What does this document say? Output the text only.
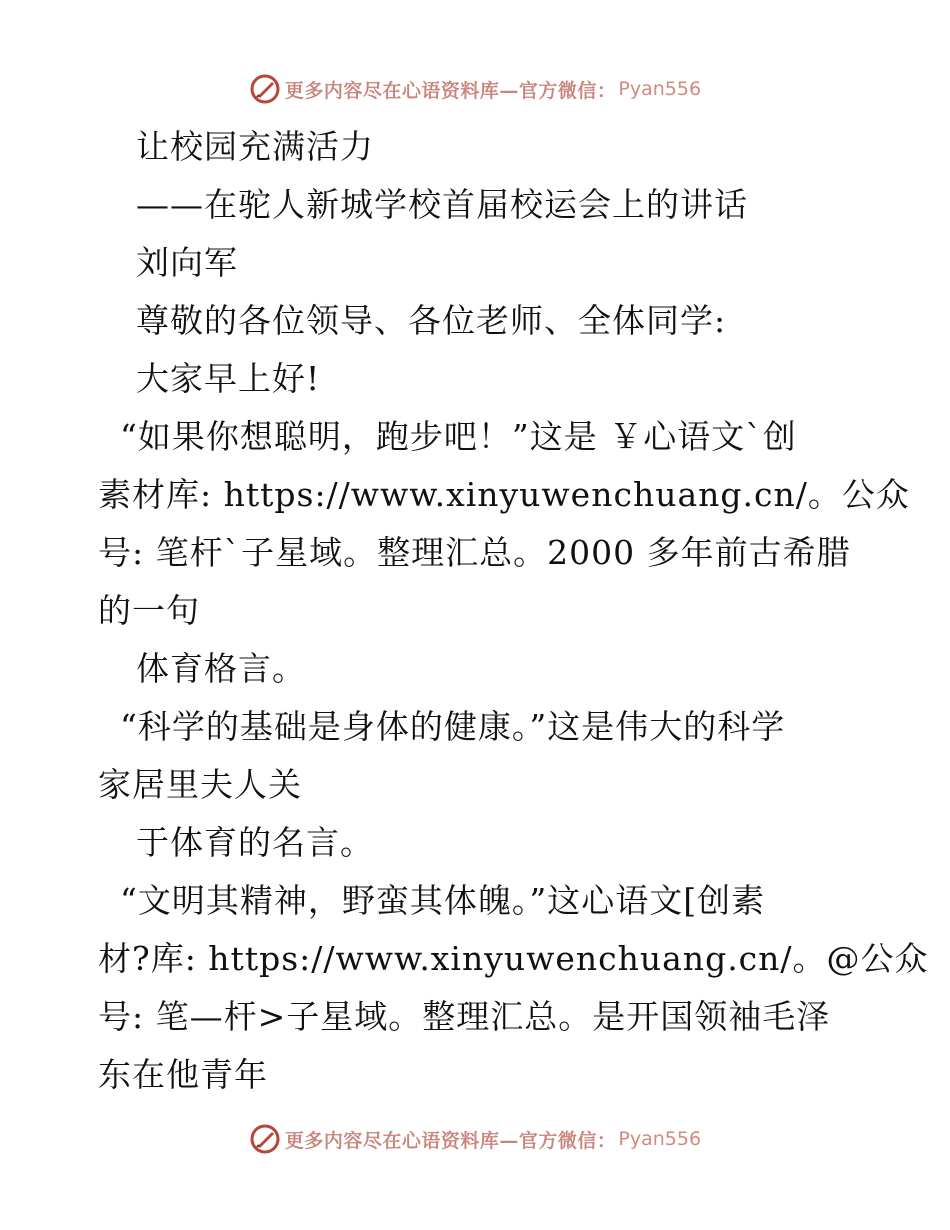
更多内容尽在心语资料库—官方微信： Pyan556
让校园充满活力
——在驼人新城学校首届校运会上的讲话
刘向军
尊敬的各位领导、各位老师、全体同学:
大家早上好!
“如果你想聪明，跑步吧！”这是 ￥心语文`创
素材库: https://www.xinyuwenchuang.cn/。公众
号: 笔杆`子星域。整理汇总。2000 多年前古希腊
的一句
体育格言。
“科学的基础是身体的健康。”这是伟大的科学
家居里夫人关
于体育的名言。
“文明其精神，野蛮其体魄。”这心语文[创素
材?库: https://www.xinyuwenchuang.cn/。@公众
号: 笔—杆>子星域。整理汇总。是开国领袖毛泽
东在他青年
更多内容尽在心语资料库—官方微信： Pyan556
